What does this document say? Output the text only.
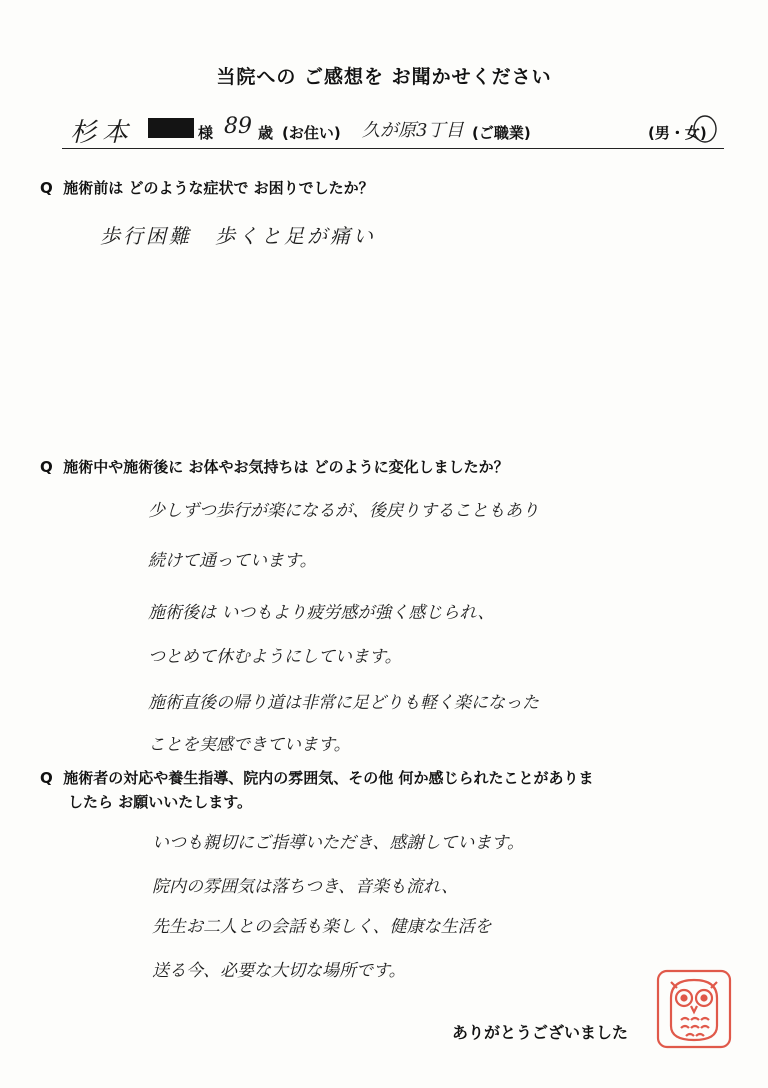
当院への ご感想を お聞かせください
杉本	様 89 歳 (お住い) 久が原3丁目 (ご職業)	(男・女)
Q 施術前は どのような症状で お困りでしたか？
歩行困難　歩くと足が痛い
Q 施術中や施術後に お体やお気持ちは どのように変化しましたか？
少しずつ歩行が楽になるが、後戻りすることもあり
続けて通っています。
施術後は いつもより疲労感が強く感じられ、
つとめて休むようにしています。
施術直後の帰り道は非常に足どりも軽く楽になった
ことを実感できています。
Q 施術者の対応や養生指導、院内の雰囲気、その他 何か感じられたことがありま
したら お願いいたします。
いつも親切にご指導いただき、感謝しています。
院内の雰囲気は落ちつき、音楽も流れ、
先生お二人との会話も楽しく、健康な生活を
送る今、必要な大切な場所です。
ありがとうございました
